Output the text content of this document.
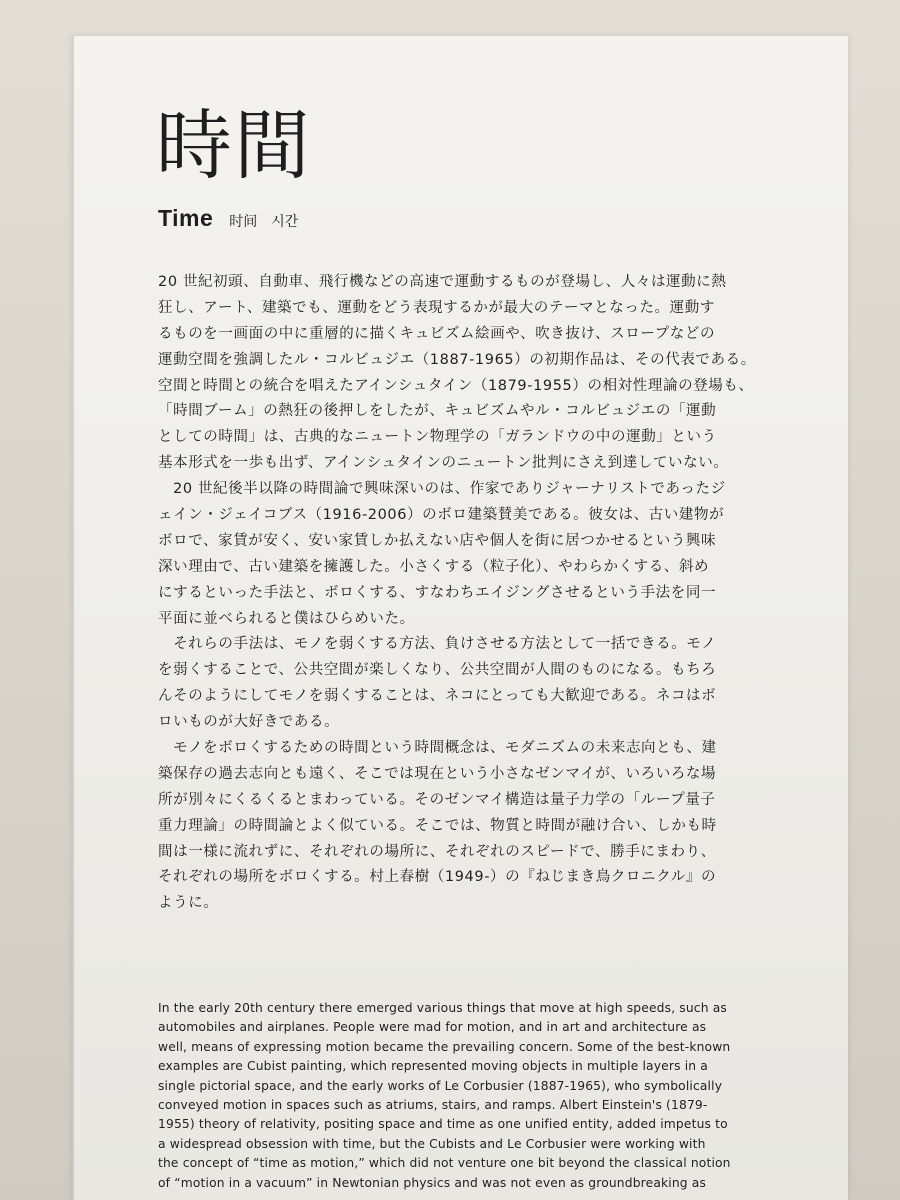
時間
Time 时间 시간
20 世紀初頭、自動車、飛行機などの高速で運動するものが登場し、人々は運動に熱
狂し、アート、建築でも、運動をどう表現するかが最大のテーマとなった。運動す
るものを一画面の中に重層的に描くキュビズム絵画や、吹き抜け、スロープなどの
運動空間を強調したル・コルビュジエ（1887-1965）の初期作品は、その代表である。
空間と時間との統合を唱えたアインシュタイン（1879-1955）の相対性理論の登場も、
「時間ブーム」の熱狂の後押しをしたが、キュビズムやル・コルビュジエの「運動
としての時間」は、古典的なニュートン物理学の「ガランドウの中の運動」という
基本形式を一歩も出ず、アインシュタインのニュートン批判にさえ到達していない。
　20 世紀後半以降の時間論で興味深いのは、作家でありジャーナリストであったジ
ェイン・ジェイコブス（1916-2006）のボロ建築賛美である。彼女は、古い建物が
ボロで、家賃が安く、安い家賃しか払えない店や個人を街に居つかせるという興味
深い理由で、古い建築を擁護した。小さくする（粒子化）、やわらかくする、斜め
にするといった手法と、ボロくする、すなわちエイジングさせるという手法を同一
平面に並べられると僕はひらめいた。
　それらの手法は、モノを弱くする方法、負けさせる方法として一括できる。モノ
を弱くすることで、公共空間が楽しくなり、公共空間が人間のものになる。もちろ
んそのようにしてモノを弱くすることは、ネコにとっても大歓迎である。ネコはボ
ロいものが大好きである。
　モノをボロくするための時間という時間概念は、モダニズムの未来志向とも、建
築保存の過去志向とも遠く、そこでは現在という小さなゼンマイが、いろいろな場
所が別々にくるくるとまわっている。そのゼンマイ構造は量子力学の「ループ量子
重力理論」の時間論とよく似ている。そこでは、物質と時間が融け合い、しかも時
間は一様に流れずに、それぞれの場所に、それぞれのスピードで、勝手にまわり、
それぞれの場所をボロくする。村上春樹（1949-）の『ねじまき鳥クロニクル』の
ように。
In the early 20th century there emerged various things that move at high speeds, such as
automobiles and airplanes. People were mad for motion, and in art and architecture as
well, means of expressing motion became the prevailing concern. Some of the best-known
examples are Cubist painting, which represented moving objects in multiple layers in a
single pictorial space, and the early works of Le Corbusier (1887-1965), who symbolically
conveyed motion in spaces such as atriums, stairs, and ramps. Albert Einstein's (1879-
1955) theory of relativity, positing space and time as one unified entity, added impetus to
a widespread obsession with time, but the Cubists and Le Corbusier were working with
the concept of “time as motion,” which did not venture one bit beyond the classical notion
of “motion in a vacuum” in Newtonian physics and was not even as groundbreaking as
